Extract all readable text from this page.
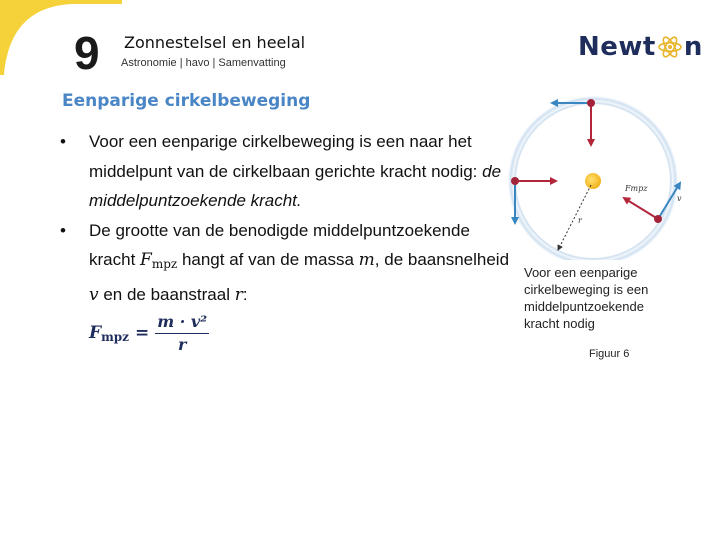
9 Zonnestelsel en heelal
Astronomie | havo | Samenvatting
Newt n
Eenparige cirkelbeweging
• Voor een eenparige cirkelbeweging is een naar het middelpunt van de cirkelbaan gerichte kracht nodig: de middelpuntzoekende kracht.
• De grootte van de benodigde middelpuntzoekende kracht $F_{mpz}$ hangt af van de massa m, de baansnelheid v en de baanstraal r:
$F_{mpz} = \frac{\text{m · v²}}{r}$
r
Fmpz
v
Voor een eenparige cirkelbeweging is een middelpuntzoekende kracht nodig
Figuur 6
